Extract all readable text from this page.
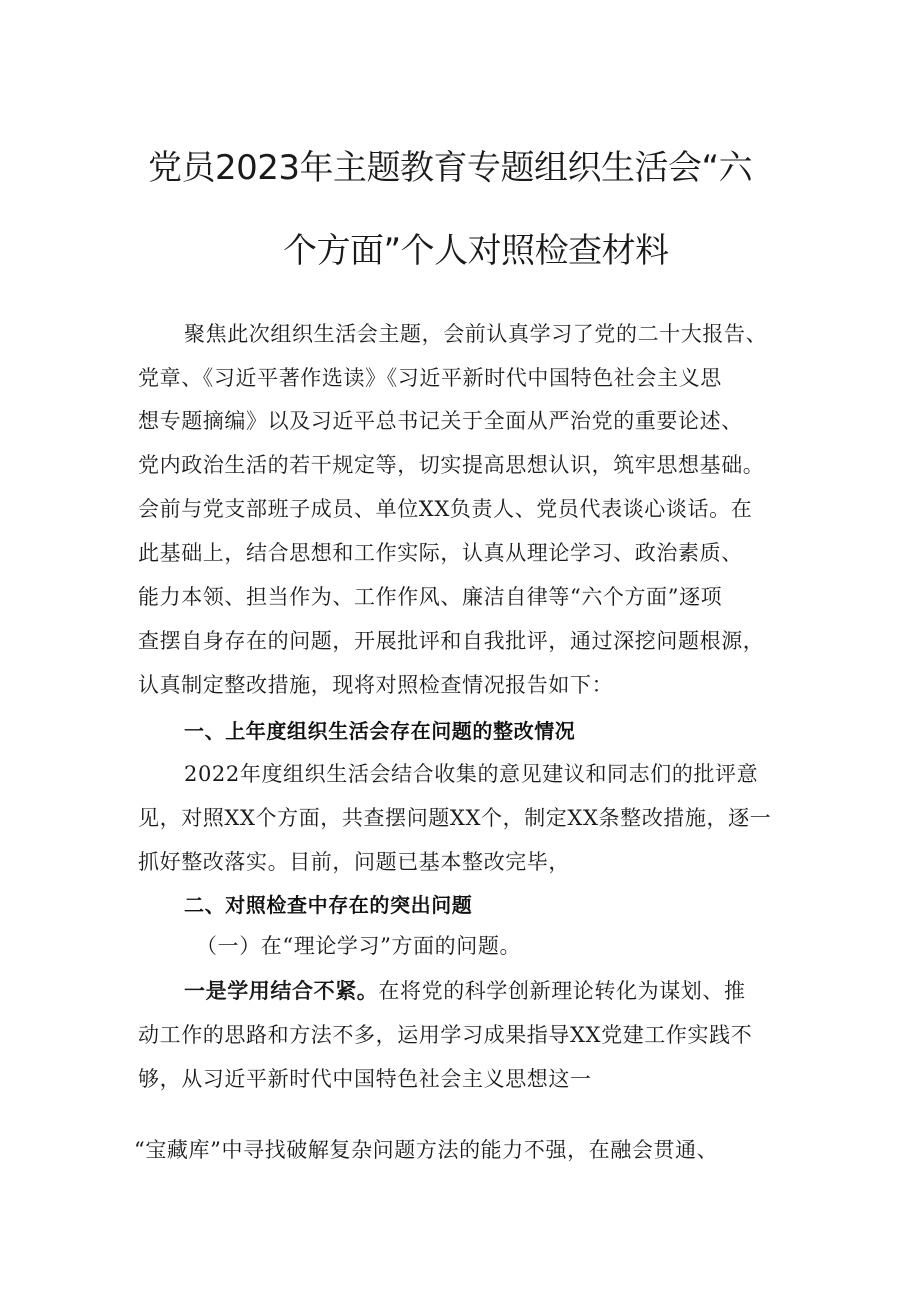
党员2023年主题教育专题组织生活会“六
个方面”个人对照检查材料
聚焦此次组织生活会主题，会前认真学习了党的二十大报告、
党章、《习近平著作选读》《习近平新时代中国特色社会主义思
想专题摘编》以及习近平总书记关于全面从严治党的重要论述、
党内政治生活的若干规定等，切实提高思想认识，筑牢思想基础。
会前与党支部班子成员、单位XX负责人、党员代表谈心谈话。在
此基础上，结合思想和工作实际，认真从理论学习、政治素质、
能力本领、担当作为、工作作风、廉洁自律等“六个方面”逐项
查摆自身存在的问题，开展批评和自我批评，通过深挖问题根源，
认真制定整改措施，现将对照检查情况报告如下：
一、上年度组织生活会存在问题的整改情况
2022年度组织生活会结合收集的意见建议和同志们的批评意
见，对照XX个方面，共查摆问题XX个，制定XX条整改措施，逐一
抓好整改落实。目前，问题已基本整改完毕，
二、对照检查中存在的突出问题
（一）在“理论学习”方面的问题。
一是学用结合不紧。在将党的科学创新理论转化为谋划、推
动工作的思路和方法不多，运用学习成果指导XX党建工作实践不
够，从习近平新时代中国特色社会主义思想这一
“宝藏库”中寻找破解复杂问题方法的能力不强，在融会贯通、
